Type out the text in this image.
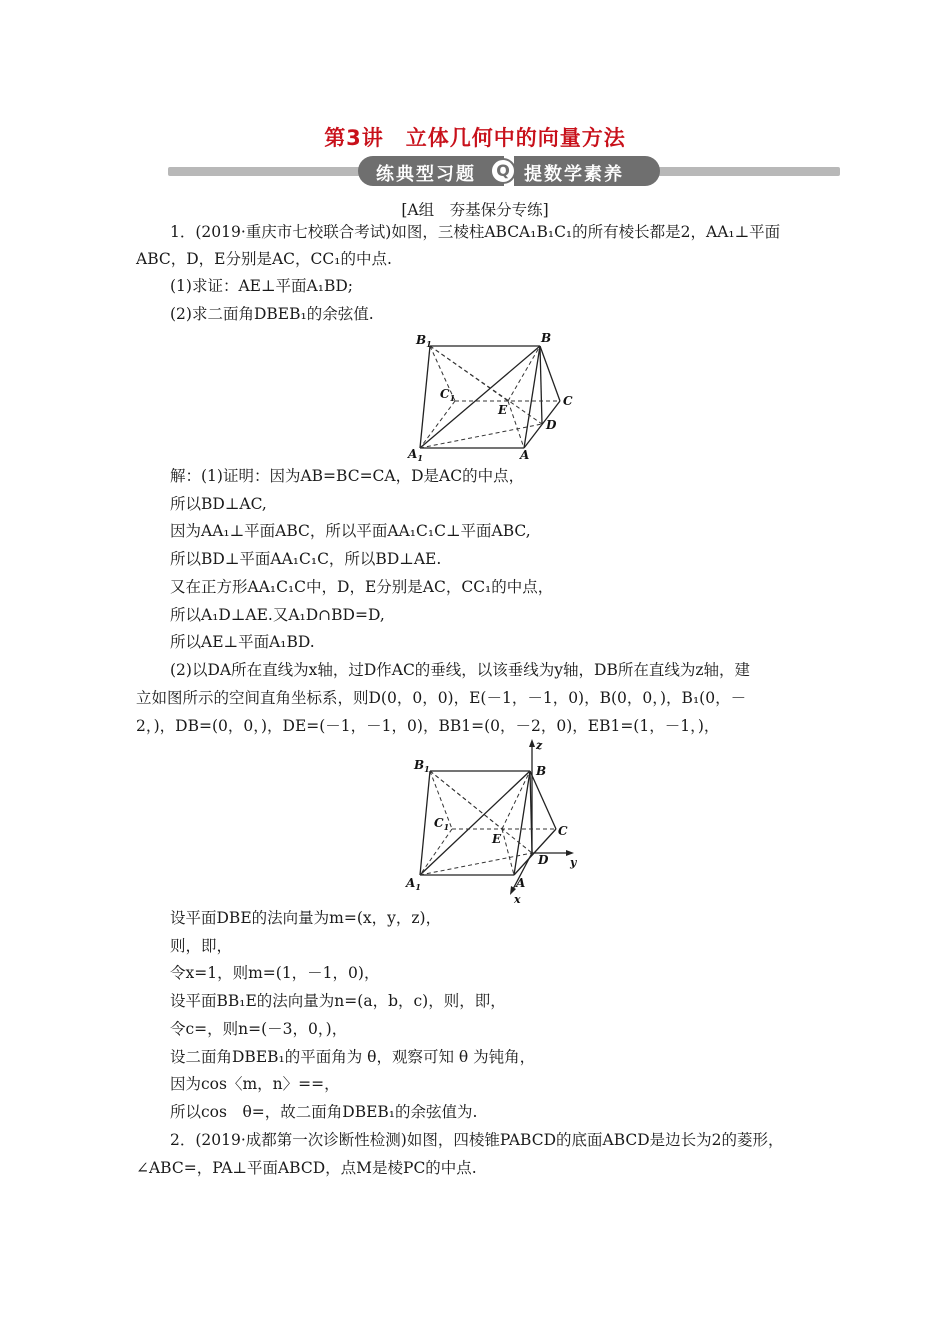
第3讲　立体几何中的向量方法
练典型习题	提数学素养
Q
[A组　夯基保分专练]
1．(2019·重庆市七校联合考试)如图，三棱柱ABCA₁B₁C₁的所有棱长都是2，AA₁⊥平面
ABC，D，E分别是AC，CC₁的中点.
(1)求证：AE⊥平面A₁BD;
(2)求二面角DBEB₁的余弦值.
$B_1$	B
$C_1$
E
C
D
$A_1$	A
解：(1)证明：因为AB=BC=CA，D是AC的中点，
所以BD⊥AC,
因为AA₁⊥平面ABC，所以平面AA₁C₁C⊥平面ABC,
所以BD⊥平面AA₁C₁C，所以BD⊥AE.
又在正方形AA₁C₁C中，D，E分别是AC，CC₁的中点，
所以A₁D⊥AE.又A₁D∩BD=D,
所以AE⊥平面A₁BD.
(2)以DA所在直线为x轴，过D作AC的垂线，以该垂线为y轴，DB所在直线为z轴，建
立如图所示的空间直角坐标系，则D(0，0，0)，E(－1，－1，0)，B(0，0，)，B₁(0，－
2，)，DB=(0，0，)，DE=(－1，－1，0)，BB1=(0，－2，0)，EB1=(1，－1，)，
$B_1$	B
$C_1$
E
C
D
$A_1$	A
z
y
x
设平面DBE的法向量为m=(x，y，z)，
则，即，
令x=1，则m=(1，－1，0)，
设平面BB₁E的法向量为n=(a，b，c)，则，即，
令c=，则n=(－3，0，)，
设二面角DBEB₁的平面角为 θ，观察可知 θ 为钝角，
因为cos〈m，n〉==，
所以cos　θ=，故二面角DBEB₁的余弦值为.
2．(2019·成都第一次诊断性检测)如图，四棱锥PABCD的底面ABCD是边长为2的菱形，
∠ABC=，PA⊥平面ABCD，点M是棱PC的中点.
